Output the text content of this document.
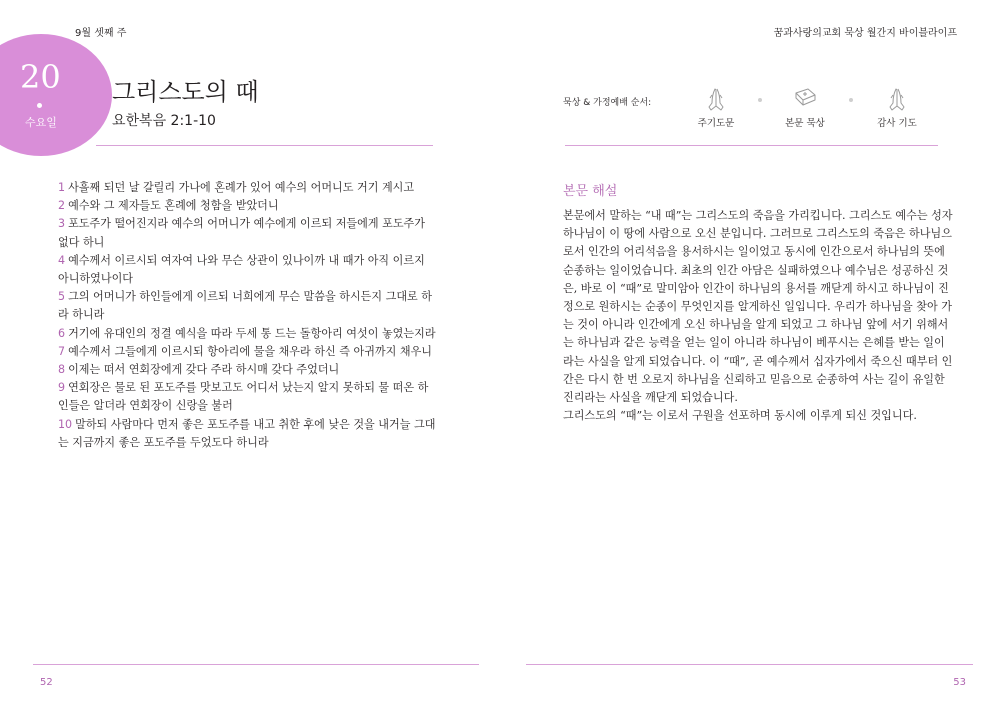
9월 셋째 주
20
수요일
그리스도의 때
요한복음 2:1-10
1 사흘째 되던 날 갈릴리 가나에 혼례가 있어 예수의 어머니도 거기 계시고
2 예수와 그 제자들도 혼례에 청함을 받았더니
3 포도주가 떨어진지라 예수의 어머니가 예수에게 이르되 저들에게 포도주가 없다 하니
4 예수께서 이르시되 여자여 나와 무슨 상관이 있나이까 내 때가 아직 이르지 아니하였나이다
5 그의 어머니가 하인들에게 이르되 너희에게 무슨 말씀을 하시든지 그대로 하라 하니라
6 거기에 유대인의 정결 예식을 따라 두세 통 드는 돌항아리 여섯이 놓였는지라
7 예수께서 그들에게 이르시되 항아리에 물을 채우라 하신 즉 아귀까지 채우니
8 이제는 떠서 연회장에게 갖다 주라 하시매 갖다 주었더니
9 연회장은 물로 된 포도주를 맛보고도 어디서 났는지 알지 못하되 물 떠온 하인들은 알더라 연회장이 신랑을 불러
10 말하되 사람마다 먼저 좋은 포도주를 내고 취한 후에 낮은 것을 내거늘 그대는 지금까지 좋은 포도주를 두었도다 하니라
52
꿈과사랑의교회 묵상 월간지 바이블라이프
묵상 & 가정예배 순서:
주기도문	본문 묵상	감사 기도
본문 해설

본문에서 말하는 “내 때”는 그리스도의 죽음을 가리킵니다. 그리스도 예수는 성자 하나님이 이 땅에 사람으로 오신 분입니다. 그러므로 그리스도의 죽음은 하나님으로서 인간의 어리석음을 용서하시는 일이었고 동시에 인간으로서 하나님의 뜻에 순종하는 일이었습니다. 최초의 인간 아담은 실패하였으나 예수님은 성공하신 것은, 바로 이 “때”로 말미암아 인간이 하나님의 용서를 깨닫게 하시고 하나님이 진정으로 원하시는 순종이 무엇인지를 알게하신 일입니다. 우리가 하나님을 찾아 가는 것이 아니라 인간에게 오신 하나님을 알게 되었고 그 하나님 앞에 서기 위해서는 하나님과 같은 능력을 얻는 일이 아니라 하나님이 베푸시는 은혜를 받는 일이라는 사실을 알게 되었습니다. 이 “때”, 곧 예수께서 십자가에서 죽으신 때부터 인간은 다시 한 번 오로지 하나님을 신뢰하고 믿음으로 순종하여 사는 길이 유일한 진리라는 사실을 깨닫게 되었습니다.

그리스도의 “때”는 이로서 구원을 선포하며 동시에 이루게 되신 것입니다.

53
